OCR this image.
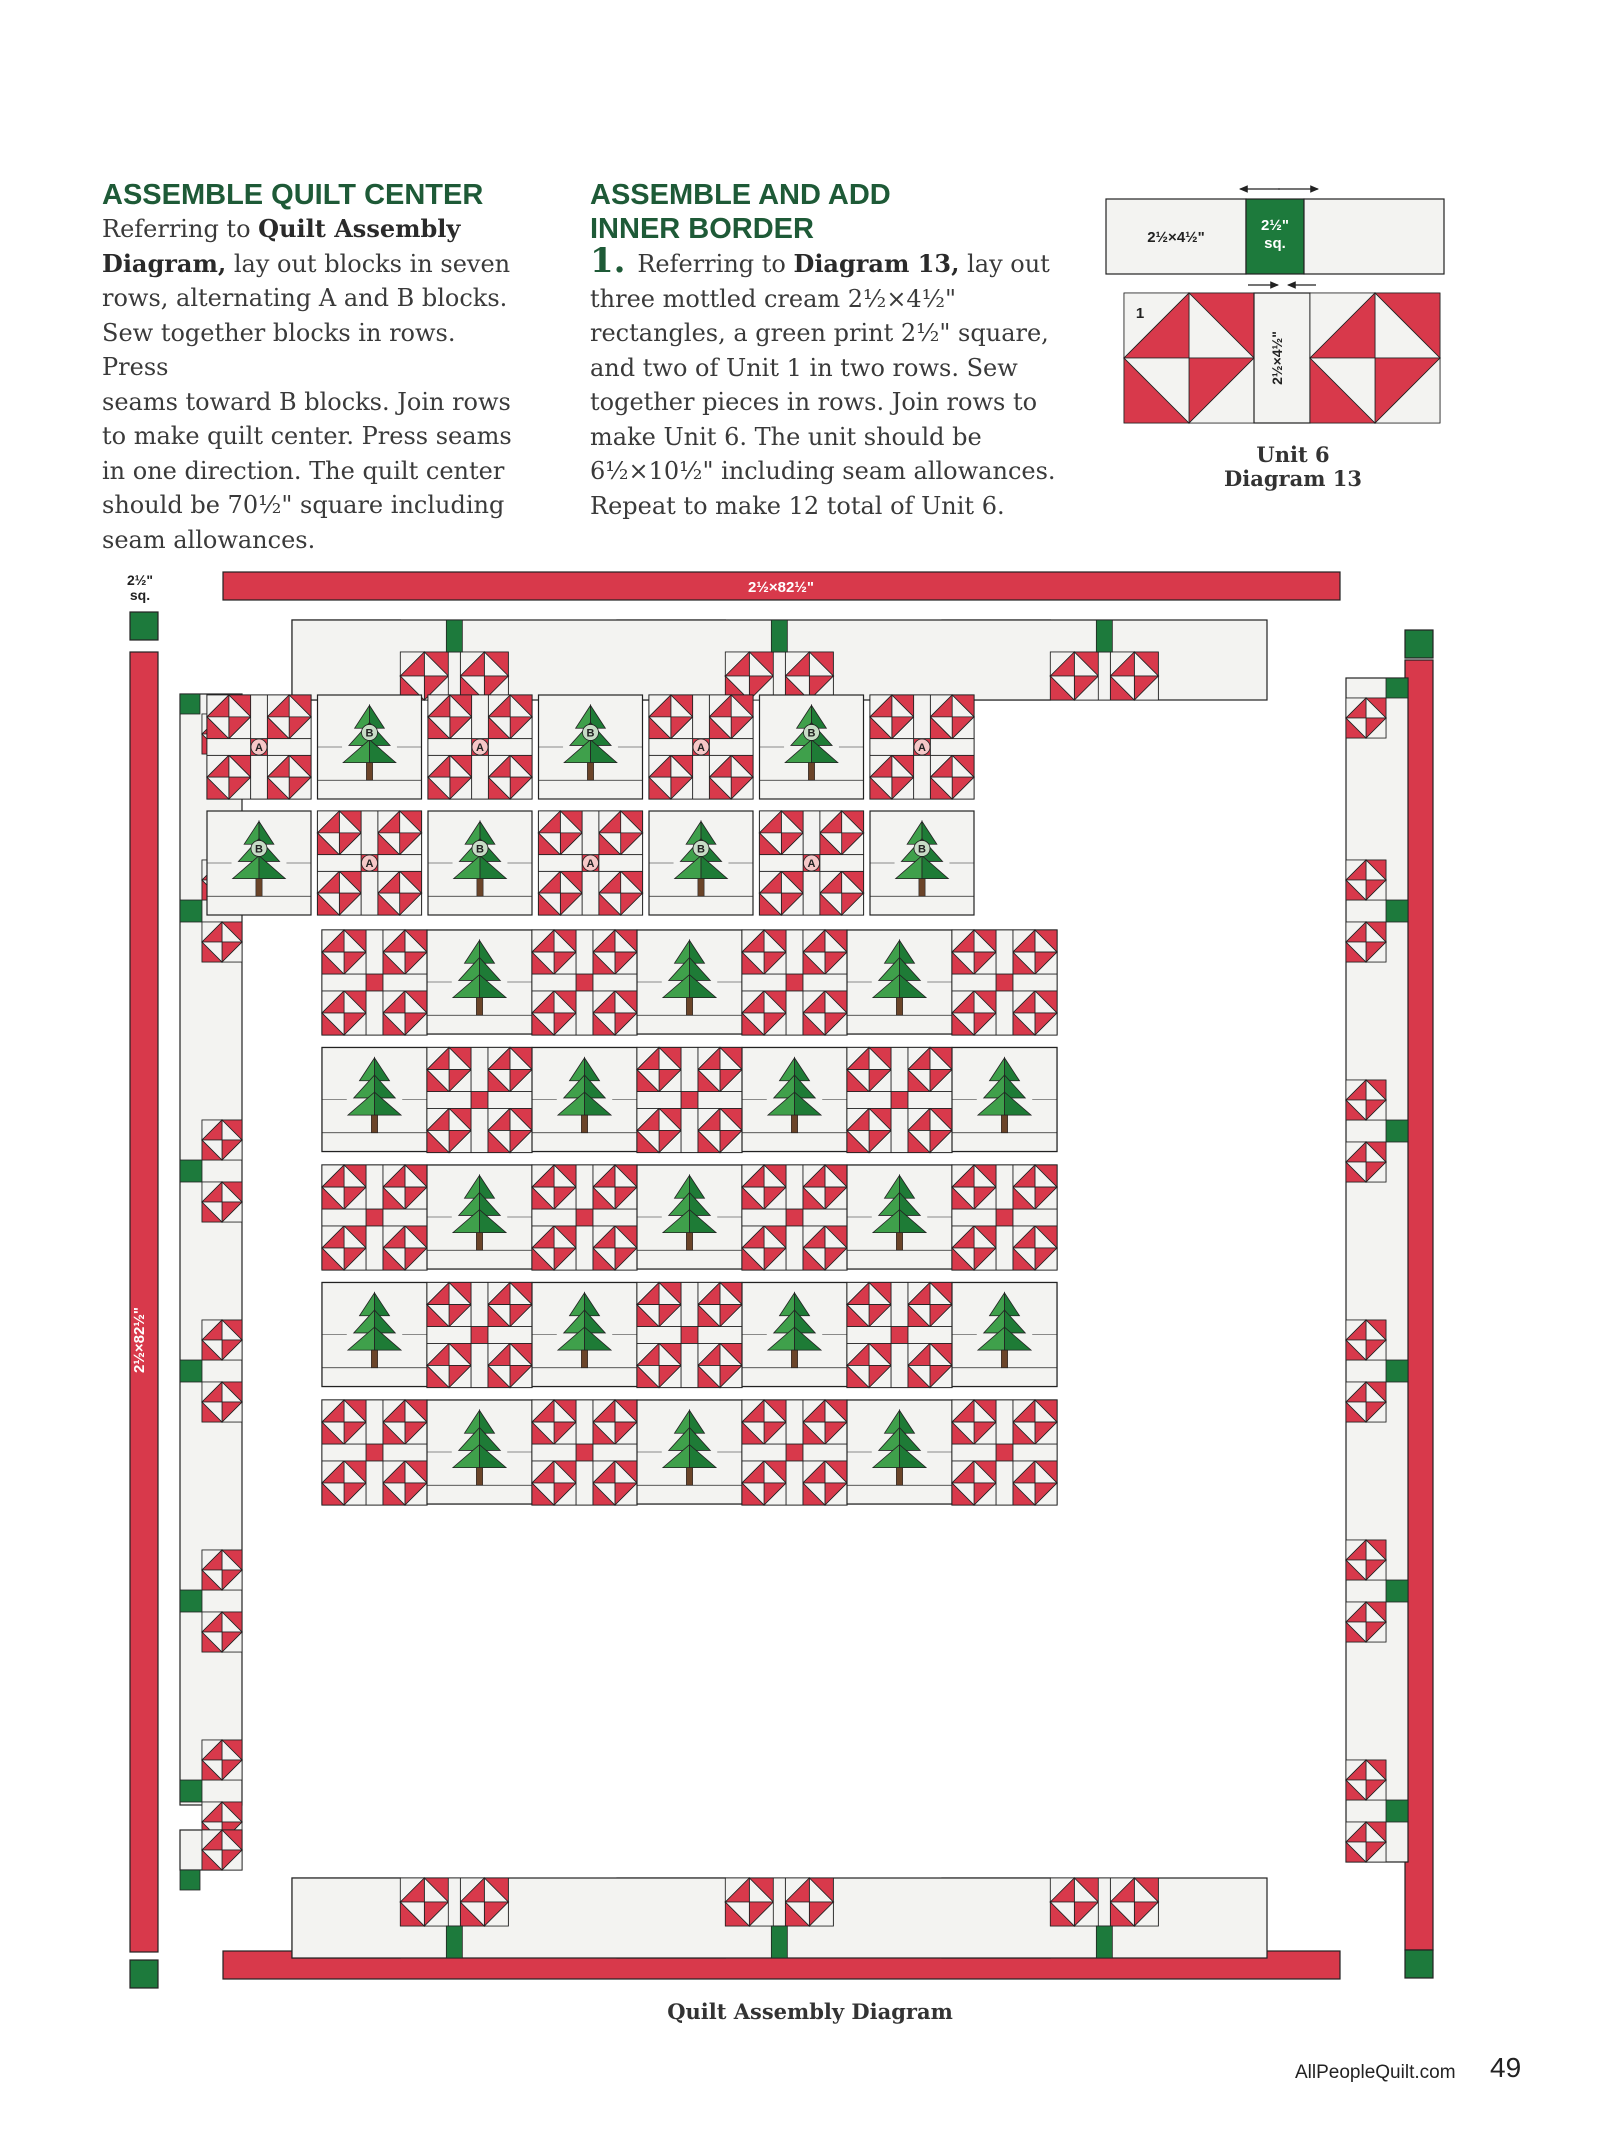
ASSEMBLE QUILT CENTER
Referring to Quilt Assembly
Diagram, lay out blocks in seven
rows, alternating A and B blocks.
Sew together blocks in rows. Press
seams toward B blocks. Join rows
to make quilt center. Press seams
in one direction. The quilt center
should be 70½" square including
seam allowances.
ASSEMBLE AND ADD
INNER BORDER
1. Referring to Diagram 13, lay out
three mottled cream 2½×4½"
rectangles, a green print 2½" square,
and two of Unit 1 in two rows. Sew
together pieces in rows. Join rows to
make Unit 6. The unit should be
6½×10½" including seam allowances.
Repeat to make 12 total of Unit 6.
2½×4½"
2½"
sq.
1
2½×4½"
Unit 6
Diagram 13
2½×82½"
2½"
sq.
2½×82½"
A
B
A
B
A
B
A
B
A
B
A
B
A
B
Quilt Assembly Diagram
AllPeopleQuilt.com 49
